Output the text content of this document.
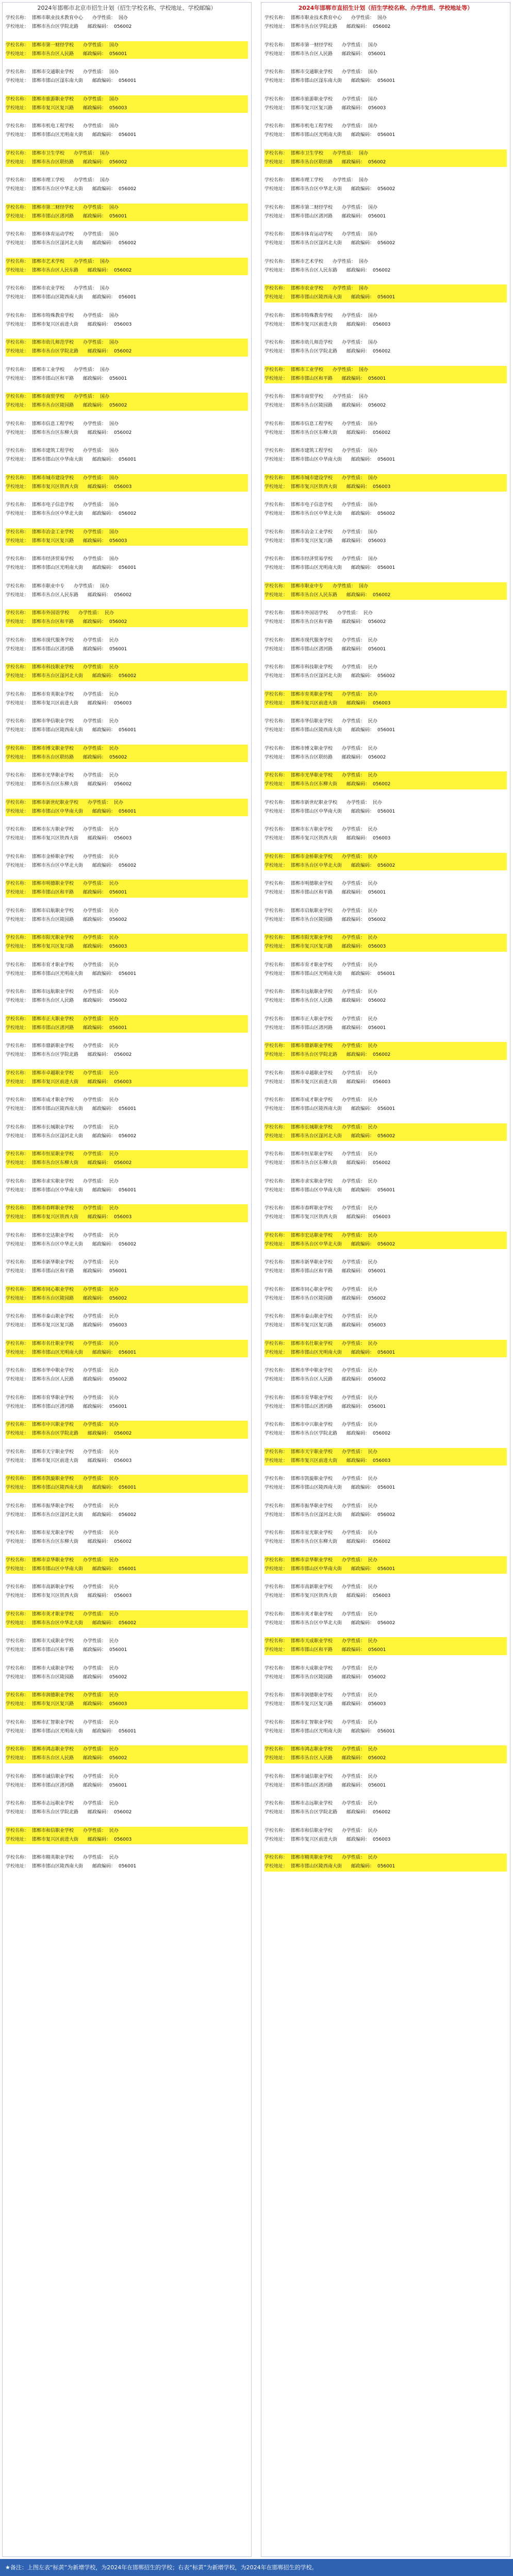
2024年邯郸市北京市招生计划（招生学校名称、学校地址、学校邮编）
学校名称： 邯郸市职业技术教育中心 办学性质： 国办
学校地址： 邯郸市丛台区学院北路 邮政编码： 056002
学校名称： 邯郸市第一财经学校 办学性质： 国办
学校地址： 邯郸市丛台区人民路 邮政编码： 056001
学校名称： 邯郸市交通职业学校 办学性质： 国办
学校地址： 邯郸市邯山区滏东南大街 邮政编码： 056001
学校名称： 邯郸市旅游职业学校 办学性质： 国办
学校地址： 邯郸市复兴区复兴路 邮政编码： 056003
学校名称： 邯郸市机电工程学校 办学性质： 国办
学校地址： 邯郸市邯山区光明南大街 邮政编码： 056001
学校名称： 邯郸市卫生学校 办学性质： 国办
学校地址： 邯郸市丛台区联纺路 邮政编码： 056002
学校名称： 邯郸市理工学校 办学性质： 国办
学校地址： 邯郸市丛台区中华北大街 邮政编码： 056002
学校名称： 邯郸市第二财经学校 办学性质： 国办
学校地址： 邯郸市邯山区渚河路 邮政编码： 056001
学校名称： 邯郸市体育运动学校 办学性质： 国办
学校地址： 邯郸市丛台区滏河北大街 邮政编码： 056002
学校名称： 邯郸市艺术学校 办学性质： 国办
学校地址： 邯郸市丛台区人民东路 邮政编码： 056002
学校名称： 邯郸市农业学校 办学性质： 国办
学校地址： 邯郸市邯山区陵西南大街 邮政编码： 056001
学校名称： 邯郸市特殊教育学校 办学性质： 国办
学校地址： 邯郸市复兴区前进大街 邮政编码： 056003
学校名称： 邯郸市幼儿师范学校 办学性质： 国办
学校地址： 邯郸市丛台区学院北路 邮政编码： 056002
学校名称： 邯郸市工业学校 办学性质： 国办
学校地址： 邯郸市邯山区和平路 邮政编码： 056001
学校名称： 邯郸市商贸学校 办学性质： 国办
学校地址： 邯郸市丛台区陵园路 邮政编码： 056002
学校名称： 邯郸市信息工程学校 办学性质： 国办
学校地址： 邯郸市丛台区东柳大街 邮政编码： 056002
学校名称： 邯郸市建筑工程学校 办学性质： 国办
学校地址： 邯郸市邯山区中华南大街 邮政编码： 056001
学校名称： 邯郸市城市建设学校 办学性质： 国办
学校地址： 邯郸市复兴区铁西大街 邮政编码： 056003
学校名称： 邯郸市电子信息学校 办学性质： 国办
学校地址： 邯郸市丛台区中华北大街 邮政编码： 056002
学校名称： 邯郸市冶金工业学校 办学性质： 国办
学校地址： 邯郸市复兴区复兴路 邮政编码： 056003
学校名称： 邯郸市经济贸易学校 办学性质： 国办
学校地址： 邯郸市邯山区光明南大街 邮政编码： 056001
学校名称： 邯郸市职业中专 办学性质： 国办
学校地址： 邯郸市丛台区人民东路 邮政编码： 056002
学校名称： 邯郸市外国语学校 办学性质： 民办
学校地址： 邯郸市丛台区和平路 邮政编码： 056002
学校名称： 邯郸市现代服务学校 办学性质： 民办
学校地址： 邯郸市邯山区渚河路 邮政编码： 056001
学校名称： 邯郸市科技职业学校 办学性质： 民办
学校地址： 邯郸市丛台区滏河北大街 邮政编码： 056002
学校名称： 邯郸市育英职业学校 办学性质： 民办
学校地址： 邯郸市复兴区前进大街 邮政编码： 056003
学校名称： 邯郸市华信职业学校 办学性质： 民办
学校地址： 邯郸市邯山区陵西南大街 邮政编码： 056001
学校名称： 邯郸市博文职业学校 办学性质： 民办
学校地址： 邯郸市丛台区联纺路 邮政编码： 056002
学校名称： 邯郸市光华职业学校 办学性质： 民办
学校地址： 邯郸市丛台区东柳大街 邮政编码： 056002
学校名称： 邯郸市新世纪职业学校 办学性质： 民办
学校地址： 邯郸市邯山区中华南大街 邮政编码： 056001
学校名称： 邯郸市东方职业学校 办学性质： 民办
学校地址： 邯郸市复兴区铁西大街 邮政编码： 056003
学校名称： 邯郸市金桥职业学校 办学性质： 民办
学校地址： 邯郸市丛台区中华北大街 邮政编码： 056002
学校名称： 邯郸市明德职业学校 办学性质： 民办
学校地址： 邯郸市邯山区和平路 邮政编码： 056001
学校名称： 邯郸市启航职业学校 办学性质： 民办
学校地址： 邯郸市丛台区陵园路 邮政编码： 056002
学校名称： 邯郸市阳光职业学校 办学性质： 民办
学校地址： 邯郸市复兴区复兴路 邮政编码： 056003
学校名称： 邯郸市育才职业学校 办学性质： 民办
学校地址： 邯郸市邯山区光明南大街 邮政编码： 056001
学校名称： 邯郸市远航职业学校 办学性质： 民办
学校地址： 邯郸市丛台区人民路 邮政编码： 056002
学校名称： 邯郸市正大职业学校 办学性质： 民办
学校地址： 邯郸市邯山区渚河路 邮政编码： 056001
学校名称： 邯郸市鼎新职业学校 办学性质： 民办
学校地址： 邯郸市丛台区学院北路 邮政编码： 056002
学校名称： 邯郸市卓越职业学校 办学性质： 民办
学校地址： 邯郸市复兴区前进大街 邮政编码： 056003
学校名称： 邯郸市成才职业学校 办学性质： 民办
学校地址： 邯郸市邯山区陵西南大街 邮政编码： 056001
学校名称： 邯郸市长城职业学校 办学性质： 民办
学校地址： 邯郸市丛台区滏河北大街 邮政编码： 056002
学校名称： 邯郸市恒星职业学校 办学性质： 民办
学校地址： 邯郸市丛台区东柳大街 邮政编码： 056002
学校名称： 邯郸市求实职业学校 办学性质： 民办
学校地址： 邯郸市邯山区中华南大街 邮政编码： 056001
学校名称： 邯郸市春晖职业学校 办学性质： 民办
学校地址： 邯郸市复兴区铁西大街 邮政编码： 056003
学校名称： 邯郸市宏达职业学校 办学性质： 民办
学校地址： 邯郸市丛台区中华北大街 邮政编码： 056002
学校名称： 邯郸市新华职业学校 办学性质： 民办
学校地址： 邯郸市邯山区和平路 邮政编码： 056001
学校名称： 邯郸市同心职业学校 办学性质： 民办
学校地址： 邯郸市丛台区陵园路 邮政编码： 056002
学校名称： 邯郸市泰山职业学校 办学性质： 民办
学校地址： 邯郸市复兴区复兴路 邮政编码： 056003
学校名称： 邯郸市名仕职业学校 办学性质： 民办
学校地址： 邯郸市邯山区光明南大街 邮政编码： 056001
学校名称： 邯郸市华中职业学校 办学性质： 民办
学校地址： 邯郸市丛台区人民路 邮政编码： 056002
学校名称： 邯郸市育华职业学校 办学性质： 民办
学校地址： 邯郸市邯山区渚河路 邮政编码： 056001
学校名称： 邯郸市中兴职业学校 办学性质： 民办
学校地址： 邯郸市丛台区学院北路 邮政编码： 056002
学校名称： 邯郸市天宇职业学校 办学性质： 民办
学校地址： 邯郸市复兴区前进大街 邮政编码： 056003
学校名称： 邯郸市凯旋职业学校 办学性质： 民办
学校地址： 邯郸市邯山区陵西南大街 邮政编码： 056001
学校名称： 邯郸市振华职业学校 办学性质： 民办
学校地址： 邯郸市丛台区滏河北大街 邮政编码： 056002
学校名称： 邯郸市星光职业学校 办学性质： 民办
学校地址： 邯郸市丛台区东柳大街 邮政编码： 056002
学校名称： 邯郸市京华职业学校 办学性质： 民办
学校地址： 邯郸市邯山区中华南大街 邮政编码： 056001
学校名称： 邯郸市高新职业学校 办学性质： 民办
学校地址： 邯郸市复兴区铁西大街 邮政编码： 056003
学校名称： 邯郸市英才职业学校 办学性质： 民办
学校地址： 邯郸市丛台区中华北大街 邮政编码： 056002
学校名称： 邯郸市天成职业学校 办学性质： 民办
学校地址： 邯郸市邯山区和平路 邮政编码： 056001
学校名称： 邯郸市大成职业学校 办学性质： 民办
学校地址： 邯郸市丛台区陵园路 邮政编码： 056002
学校名称： 邯郸市润德职业学校 办学性质： 民办
学校地址： 邯郸市复兴区复兴路 邮政编码： 056003
学校名称： 邯郸市汇智职业学校 办学性质： 民办
学校地址： 邯郸市邯山区光明南大街 邮政编码： 056001
学校名称： 邯郸市鸿志职业学校 办学性质： 民办
学校地址： 邯郸市丛台区人民路 邮政编码： 056002
学校名称： 邯郸市诚信职业学校 办学性质： 民办
学校地址： 邯郸市邯山区渚河路 邮政编码： 056001
学校名称： 邯郸市志远职业学校 办学性质： 民办
学校地址： 邯郸市丛台区学院北路 邮政编码： 056002
学校名称： 邯郸市和信职业学校 办学性质： 民办
学校地址： 邯郸市复兴区前进大街 邮政编码： 056003
学校名称： 邯郸市精英职业学校 办学性质： 民办
学校地址： 邯郸市邯山区陵西南大街 邮政编码： 056001
2024年邯郸市直招生计划（招生学校名称、办学性质、学校地址等）
学校名称： 邯郸市职业技术教育中心 办学性质： 国办
学校地址： 邯郸市丛台区学院北路 邮政编码： 056002
学校名称： 邯郸市第一财经学校 办学性质： 国办
学校地址： 邯郸市丛台区人民路 邮政编码： 056001
学校名称： 邯郸市交通职业学校 办学性质： 国办
学校地址： 邯郸市邯山区滏东南大街 邮政编码： 056001
学校名称： 邯郸市旅游职业学校 办学性质： 国办
学校地址： 邯郸市复兴区复兴路 邮政编码： 056003
学校名称： 邯郸市机电工程学校 办学性质： 国办
学校地址： 邯郸市邯山区光明南大街 邮政编码： 056001
学校名称： 邯郸市卫生学校 办学性质： 国办
学校地址： 邯郸市丛台区联纺路 邮政编码： 056002
学校名称： 邯郸市理工学校 办学性质： 国办
学校地址： 邯郸市丛台区中华北大街 邮政编码： 056002
学校名称： 邯郸市第二财经学校 办学性质： 国办
学校地址： 邯郸市邯山区渚河路 邮政编码： 056001
学校名称： 邯郸市体育运动学校 办学性质： 国办
学校地址： 邯郸市丛台区滏河北大街 邮政编码： 056002
学校名称： 邯郸市艺术学校 办学性质： 国办
学校地址： 邯郸市丛台区人民东路 邮政编码： 056002
学校名称： 邯郸市农业学校 办学性质： 国办
学校地址： 邯郸市邯山区陵西南大街 邮政编码： 056001
学校名称： 邯郸市特殊教育学校 办学性质： 国办
学校地址： 邯郸市复兴区前进大街 邮政编码： 056003
学校名称： 邯郸市幼儿师范学校 办学性质： 国办
学校地址： 邯郸市丛台区学院北路 邮政编码： 056002
学校名称： 邯郸市工业学校 办学性质： 国办
学校地址： 邯郸市邯山区和平路 邮政编码： 056001
学校名称： 邯郸市商贸学校 办学性质： 国办
学校地址： 邯郸市丛台区陵园路 邮政编码： 056002
学校名称： 邯郸市信息工程学校 办学性质： 国办
学校地址： 邯郸市丛台区东柳大街 邮政编码： 056002
学校名称： 邯郸市建筑工程学校 办学性质： 国办
学校地址： 邯郸市邯山区中华南大街 邮政编码： 056001
学校名称： 邯郸市城市建设学校 办学性质： 国办
学校地址： 邯郸市复兴区铁西大街 邮政编码： 056003
学校名称： 邯郸市电子信息学校 办学性质： 国办
学校地址： 邯郸市丛台区中华北大街 邮政编码： 056002
学校名称： 邯郸市冶金工业学校 办学性质： 国办
学校地址： 邯郸市复兴区复兴路 邮政编码： 056003
学校名称： 邯郸市经济贸易学校 办学性质： 国办
学校地址： 邯郸市邯山区光明南大街 邮政编码： 056001
学校名称： 邯郸市职业中专 办学性质： 国办
学校地址： 邯郸市丛台区人民东路 邮政编码： 056002
学校名称： 邯郸市外国语学校 办学性质： 民办
学校地址： 邯郸市丛台区和平路 邮政编码： 056002
学校名称： 邯郸市现代服务学校 办学性质： 民办
学校地址： 邯郸市邯山区渚河路 邮政编码： 056001
学校名称： 邯郸市科技职业学校 办学性质： 民办
学校地址： 邯郸市丛台区滏河北大街 邮政编码： 056002
学校名称： 邯郸市育英职业学校 办学性质： 民办
学校地址： 邯郸市复兴区前进大街 邮政编码： 056003
学校名称： 邯郸市华信职业学校 办学性质： 民办
学校地址： 邯郸市邯山区陵西南大街 邮政编码： 056001
学校名称： 邯郸市博文职业学校 办学性质： 民办
学校地址： 邯郸市丛台区联纺路 邮政编码： 056002
学校名称： 邯郸市光华职业学校 办学性质： 民办
学校地址： 邯郸市丛台区东柳大街 邮政编码： 056002
学校名称： 邯郸市新世纪职业学校 办学性质： 民办
学校地址： 邯郸市邯山区中华南大街 邮政编码： 056001
学校名称： 邯郸市东方职业学校 办学性质： 民办
学校地址： 邯郸市复兴区铁西大街 邮政编码： 056003
学校名称： 邯郸市金桥职业学校 办学性质： 民办
学校地址： 邯郸市丛台区中华北大街 邮政编码： 056002
学校名称： 邯郸市明德职业学校 办学性质： 民办
学校地址： 邯郸市邯山区和平路 邮政编码： 056001
学校名称： 邯郸市启航职业学校 办学性质： 民办
学校地址： 邯郸市丛台区陵园路 邮政编码： 056002
学校名称： 邯郸市阳光职业学校 办学性质： 民办
学校地址： 邯郸市复兴区复兴路 邮政编码： 056003
学校名称： 邯郸市育才职业学校 办学性质： 民办
学校地址： 邯郸市邯山区光明南大街 邮政编码： 056001
学校名称： 邯郸市远航职业学校 办学性质： 民办
学校地址： 邯郸市丛台区人民路 邮政编码： 056002
学校名称： 邯郸市正大职业学校 办学性质： 民办
学校地址： 邯郸市邯山区渚河路 邮政编码： 056001
学校名称： 邯郸市鼎新职业学校 办学性质： 民办
学校地址： 邯郸市丛台区学院北路 邮政编码： 056002
学校名称： 邯郸市卓越职业学校 办学性质： 民办
学校地址： 邯郸市复兴区前进大街 邮政编码： 056003
学校名称： 邯郸市成才职业学校 办学性质： 民办
学校地址： 邯郸市邯山区陵西南大街 邮政编码： 056001
学校名称： 邯郸市长城职业学校 办学性质： 民办
学校地址： 邯郸市丛台区滏河北大街 邮政编码： 056002
学校名称： 邯郸市恒星职业学校 办学性质： 民办
学校地址： 邯郸市丛台区东柳大街 邮政编码： 056002
学校名称： 邯郸市求实职业学校 办学性质： 民办
学校地址： 邯郸市邯山区中华南大街 邮政编码： 056001
学校名称： 邯郸市春晖职业学校 办学性质： 民办
学校地址： 邯郸市复兴区铁西大街 邮政编码： 056003
学校名称： 邯郸市宏达职业学校 办学性质： 民办
学校地址： 邯郸市丛台区中华北大街 邮政编码： 056002
学校名称： 邯郸市新华职业学校 办学性质： 民办
学校地址： 邯郸市邯山区和平路 邮政编码： 056001
学校名称： 邯郸市同心职业学校 办学性质： 民办
学校地址： 邯郸市丛台区陵园路 邮政编码： 056002
学校名称： 邯郸市泰山职业学校 办学性质： 民办
学校地址： 邯郸市复兴区复兴路 邮政编码： 056003
学校名称： 邯郸市名仕职业学校 办学性质： 民办
学校地址： 邯郸市邯山区光明南大街 邮政编码： 056001
学校名称： 邯郸市华中职业学校 办学性质： 民办
学校地址： 邯郸市丛台区人民路 邮政编码： 056002
学校名称： 邯郸市育华职业学校 办学性质： 民办
学校地址： 邯郸市邯山区渚河路 邮政编码： 056001
学校名称： 邯郸市中兴职业学校 办学性质： 民办
学校地址： 邯郸市丛台区学院北路 邮政编码： 056002
学校名称： 邯郸市天宇职业学校 办学性质： 民办
学校地址： 邯郸市复兴区前进大街 邮政编码： 056003
学校名称： 邯郸市凯旋职业学校 办学性质： 民办
学校地址： 邯郸市邯山区陵西南大街 邮政编码： 056001
学校名称： 邯郸市振华职业学校 办学性质： 民办
学校地址： 邯郸市丛台区滏河北大街 邮政编码： 056002
学校名称： 邯郸市星光职业学校 办学性质： 民办
学校地址： 邯郸市丛台区东柳大街 邮政编码： 056002
学校名称： 邯郸市京华职业学校 办学性质： 民办
学校地址： 邯郸市邯山区中华南大街 邮政编码： 056001
学校名称： 邯郸市高新职业学校 办学性质： 民办
学校地址： 邯郸市复兴区铁西大街 邮政编码： 056003
学校名称： 邯郸市英才职业学校 办学性质： 民办
学校地址： 邯郸市丛台区中华北大街 邮政编码： 056002
学校名称： 邯郸市天成职业学校 办学性质： 民办
学校地址： 邯郸市邯山区和平路 邮政编码： 056001
学校名称： 邯郸市大成职业学校 办学性质： 民办
学校地址： 邯郸市丛台区陵园路 邮政编码： 056002
学校名称： 邯郸市润德职业学校 办学性质： 民办
学校地址： 邯郸市复兴区复兴路 邮政编码： 056003
学校名称： 邯郸市汇智职业学校 办学性质： 民办
学校地址： 邯郸市邯山区光明南大街 邮政编码： 056001
学校名称： 邯郸市鸿志职业学校 办学性质： 民办
学校地址： 邯郸市丛台区人民路 邮政编码： 056002
学校名称： 邯郸市诚信职业学校 办学性质： 民办
学校地址： 邯郸市邯山区渚河路 邮政编码： 056001
学校名称： 邯郸市志远职业学校 办学性质： 民办
学校地址： 邯郸市丛台区学院北路 邮政编码： 056002
学校名称： 邯郸市和信职业学校 办学性质： 民办
学校地址： 邯郸市复兴区前进大街 邮政编码： 056003
学校名称： 邯郸市精英职业学校 办学性质： 民办
学校地址： 邯郸市邯山区陵西南大街 邮政编码： 056001
★备注：上图左表“标黄”为新增学校，为2024年在邯郸招生的学校；右表“标黄”为新增学校，为2024年在邯郸招生的学校。
